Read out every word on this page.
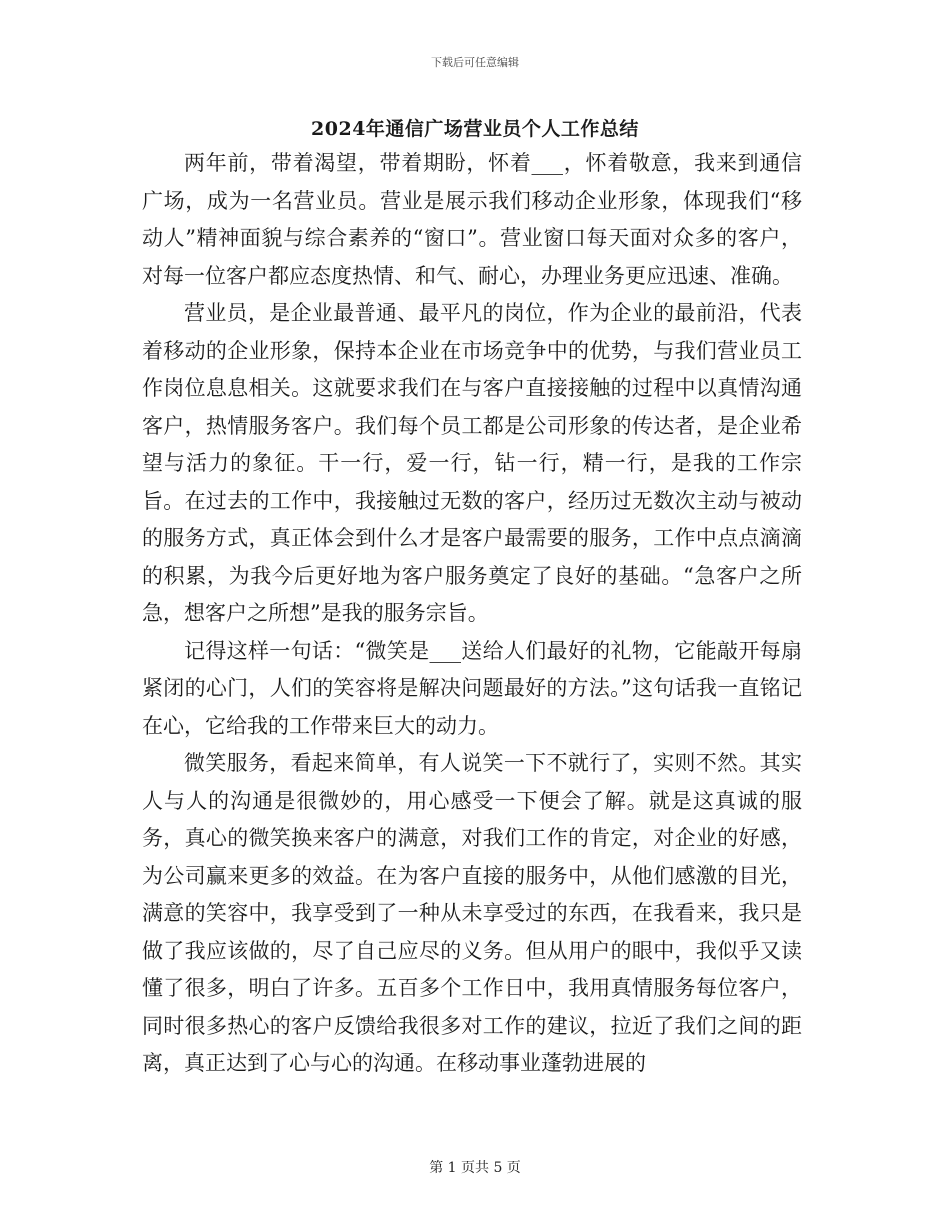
下载后可任意编辑
2024年通信广场营业员个人工作总结

两年前，带着渴望，带着期盼，怀着___，怀着敬意，我来到通信广场，成为一名营业员。营业是展示我们移动企业形象，体现我们“移动人”精神面貌与综合素养的“窗口”。营业窗口每天面对众多的客户，对每一位客户都应态度热情、和气、耐心，办理业务更应迅速、准确。

营业员，是企业最普通、最平凡的岗位，作为企业的最前沿，代表着移动的企业形象，保持本企业在市场竞争中的优势，与我们营业员工作岗位息息相关。这就要求我们在与客户直接接触的过程中以真情沟通客户，热情服务客户。我们每个员工都是公司形象的传达者，是企业希望与活力的象征。干一行，爱一行，钻一行，精一行，是我的工作宗旨。在过去的工作中，我接触过无数的客户，经历过无数次主动与被动的服务方式，真正体会到什么才是客户最需要的服务，工作中点点滴滴的积累，为我今后更好地为客户服务奠定了良好的基础。“急客户之所急，想客户之所想”是我的服务宗旨。

记得这样一句话：“微笑是___送给人们最好的礼物，它能敲开每扇紧闭的心门，人们的笑容将是解决问题最好的方法。”这句话我一直铭记在心，它给我的工作带来巨大的动力。

微笑服务，看起来简单，有人说笑一下不就行了，实则不然。其实人与人的沟通是很微妙的，用心感受一下便会了解。就是这真诚的服务，真心的微笑换来客户的满意，对我们工作的肯定，对企业的好感，为公司赢来更多的效益。在为客户直接的服务中，从他们感激的目光，满意的笑容中，我享受到了一种从未享受过的东西，在我看来，我只是做了我应该做的，尽了自己应尽的义务。但从用户的眼中，我似乎又读懂了很多，明白了许多。五百多个工作日中，我用真情服务每位客户，同时很多热心的客户反馈给我很多对工作的建议，拉近了我们之间的距离，真正达到了心与心的沟通。在移动事业蓬勃进展的

第 1 页共 5 页
